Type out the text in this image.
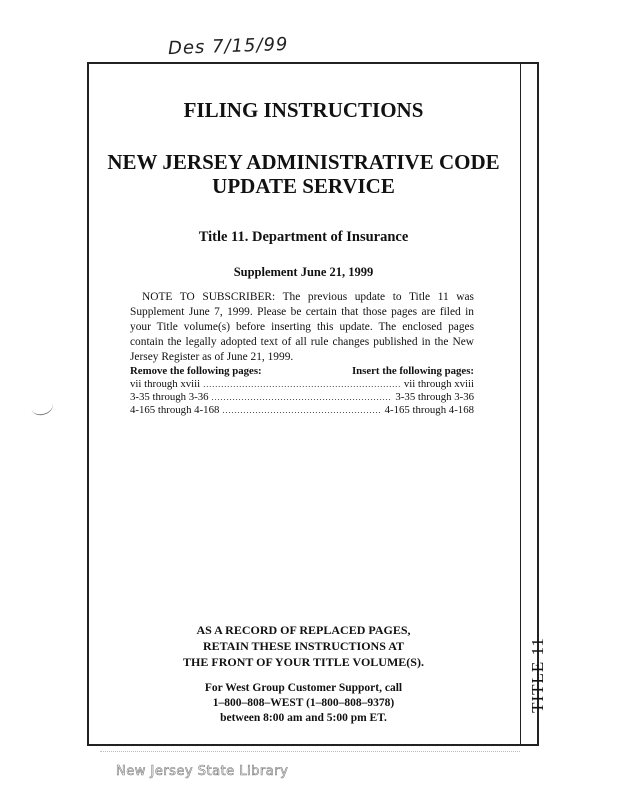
Des 7/15/99
TITLE 11
FILING INSTRUCTIONS
NEW JERSEY ADMINISTRATIVE CODE
UPDATE SERVICE
Title 11. Department of Insurance
Supplement June 21, 1999
NOTE TO SUBSCRIBER: The previous update to Title 11 was Supplement June 7, 1999. Please be certain that those pages are filed in your Title volume(s) before inserting this update. The enclosed pages contain the legally adopted text of all rule changes published in the New Jersey Register as of June 21, 1999.
Remove the following pages:	Insert the following pages:
vii through xviii . . .	vii through xviii
3-35 through 3-36 . . .	3-35 through 3-36
4-165 through 4-168 . . .	4-165 through 4-168
AS A RECORD OF REPLACED PAGES,
RETAIN THESE INSTRUCTIONS AT
THE FRONT OF YOUR TITLE VOLUME(S).
For West Group Customer Support, call
1–800–808–WEST (1–800–808–9378)
between 8:00 am and 5:00 pm ET.
New Jersey State Library
